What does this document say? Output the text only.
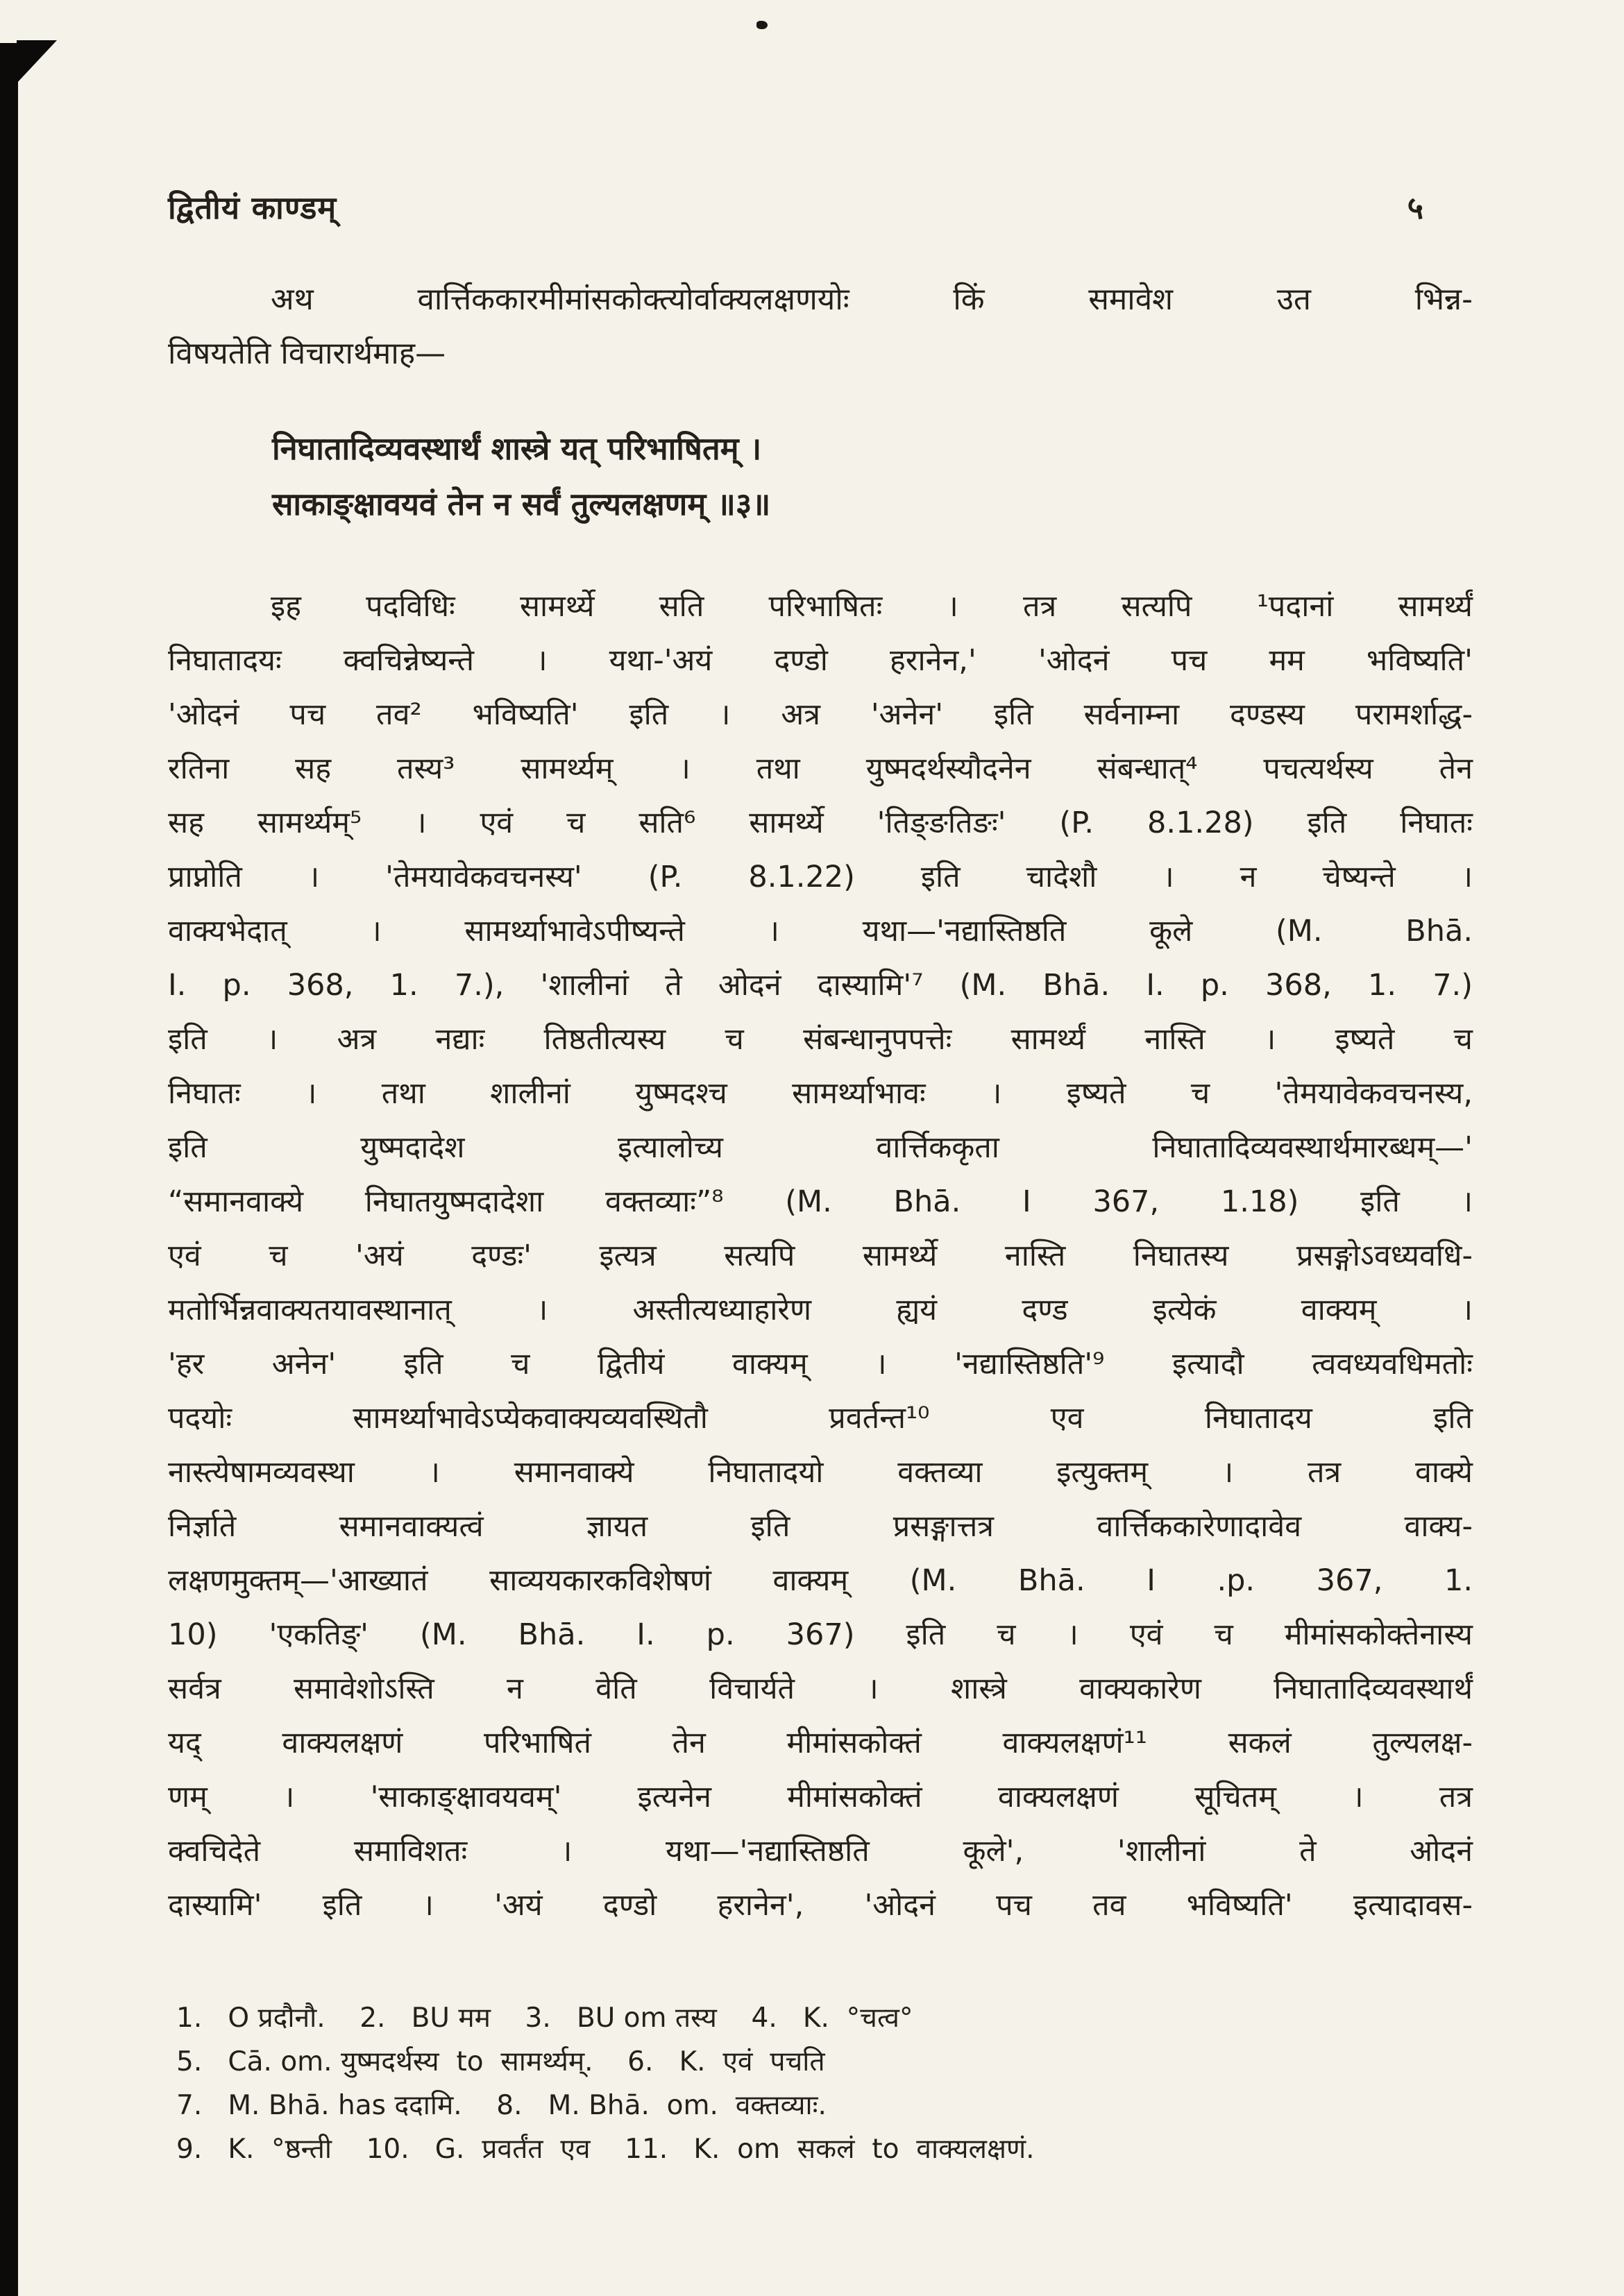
द्वितीयं काण्डम्	५
अथ वार्त्तिककारमीमांसकोक्त्योर्वाक्यलक्षणयोः किं समावेश उत भिन्न-
विषयतेति विचारार्थमाह—
निघातादिव्यवस्थार्थं शास्त्रे यत् परिभाषितम् ।
साकाङ्क्षावयवं तेन न सर्वं तुल्यलक्षणम् ॥३॥
इह पदविधिः सामर्थ्ये सति परिभाषितः । तत्र सत्यपि ¹पदानां सामर्थ्यं
निघातादयः क्वचिन्नेष्यन्ते । यथा-'अयं दण्डो हरानेन,' 'ओदनं पच मम भविष्यति'
'ओदनं पच तव² भविष्यति' इति । अत्र 'अनेन' इति सर्वनाम्ना दण्डस्य परामर्शाद्ध-
रतिना सह तस्य³ सामर्थ्यम् । तथा युष्मदर्थस्यौदनेन संबन्धात्⁴ पचत्यर्थस्य तेन
सह सामर्थ्यम्⁵ । एवं च सति⁶ सामर्थ्ये 'तिङ्ङतिङः' (P. 8.1.28) इति निघातः
प्राप्नोति । 'तेमयावेकवचनस्य' (P. 8.1.22) इति चादेशौ । न चेष्यन्ते ।
वाक्यभेदात् । सामर्थ्याभावेऽपीष्यन्ते । यथा—'नद्यास्तिष्ठति कूले (M. Bhā.
I. p. 368, 1. 7.), 'शालीनां ते ओदनं दास्यामि'⁷ (M. Bhā. I. p. 368, 1. 7.)
इति । अत्र नद्याः तिष्ठतीत्यस्य च संबन्धानुपपत्तेः सामर्थ्यं नास्ति । इष्यते च
निघातः । तथा शालीनां युष्मदश्च सामर्थ्याभावः । इष्यते च 'तेमयावेकवचनस्य,
इति युष्मदादेश इत्यालोच्य वार्त्तिककृता निघातादिव्यवस्थार्थमारब्धम्—'
“समानवाक्ये निघातयुष्मदादेशा वक्तव्याः”⁸ (M. Bhā. I 367, 1.18) इति ।
एवं च 'अयं दण्डः' इत्यत्र सत्यपि सामर्थ्ये नास्ति निघातस्य प्रसङ्गोऽवध्यवधि-
मतोर्भिन्नवाक्यतयावस्थानात् । अस्तीत्यध्याहारेण ह्ययं दण्ड इत्येकं वाक्यम् ।
'हर अनेन' इति च द्वितीयं वाक्यम् । 'नद्यास्तिष्ठति'⁹ इत्यादौ त्ववध्यवधिमतोः
पदयोः सामर्थ्याभावेऽप्येकवाक्यव्यवस्थितौ प्रवर्तन्त¹⁰ एव निघातादय इति
नास्त्येषामव्यवस्था । समानवाक्ये निघातादयो वक्तव्या इत्युक्तम् । तत्र वाक्ये
निर्ज्ञाते समानवाक्यत्वं ज्ञायत इति प्रसङ्गात्तत्र वार्त्तिककारेणादावेव वाक्य-
लक्षणमुक्तम्—'आख्यातं साव्ययकारकविशेषणं वाक्यम् (M. Bhā. I .p. 367, 1.
10) 'एकतिङ्' (M. Bhā. I. p. 367) इति च । एवं च मीमांसकोक्तेनास्य
सर्वत्र समावेशोऽस्ति न वेति विचार्यते । शास्त्रे वाक्यकारेण निघातादिव्यवस्थार्थं
यद् वाक्यलक्षणं परिभाषितं तेन मीमांसकोक्तं वाक्यलक्षणं¹¹ सकलं तुल्यलक्ष-
णम् । 'साकाङ्क्षावयवम्' इत्यनेन मीमांसकोक्तं वाक्यलक्षणं सूचितम् । तत्र
क्वचिदेते समाविशतः । यथा—'नद्यास्तिष्ठति कूले', 'शालीनां ते ओदनं
दास्यामि' इति । 'अयं दण्डो हरानेन', 'ओदनं पच तव भविष्यति' इत्यादावस-
1.   O प्रदौनौ.    2.   BU मम    3.   BU om तस्य    4.   K.  °चत्व°
5.   Cā. om. युष्मदर्थस्य  to  सामर्थ्यम्.    6.   K.  एवं  पचति
7.   M. Bhā. has ददामि.    8.   M. Bhā.  om.  वक्तव्याः.
9.   K.  °ष्ठन्ती    10.   G.  प्रवर्तंत  एव    11.   K.  om  सकलं  to  वाक्यलक्षणं.
